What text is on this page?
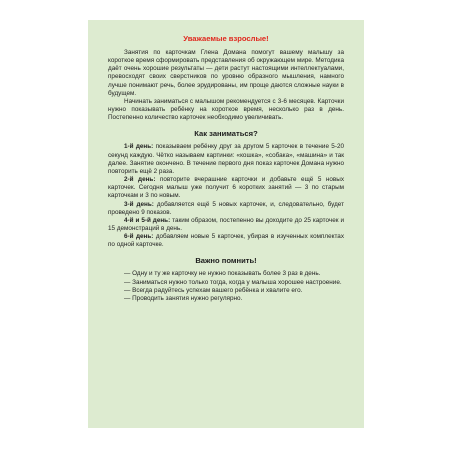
Уважаемые взрослые!

Занятия по карточкам Глена Домана помогут вашему малышу за короткое время сформировать представления об окружающем мире. Методика даёт очень хорошие результаты — дети растут настоящими интеллектуалами, превосходят своих сверстников по уровню образного мышления, намного лучше понимают речь, более эрудированы, им проще даются сложные науки в будущем.

Начинать заниматься с малышом рекомендуется с 3-6 месяцев. Карточки нужно показывать ребёнку на короткое время, несколько раз в день. Постепенно количество карточек необходимо увеличивать.

Как заниматься?

1-й день: показываем ребёнку друг за другом 5 карточек в течение 5-20 секунд каждую. Чётко называем картинки: «кошка», «собака», «машина» и так далее. Занятие окончено. В течение первого дня показ карточек Домана нужно повторить ещё 2 раза.

2-й день: повторите вчерашние карточки и добавьте ещё 5 новых карточек. Сегодня малыш уже получит 6 коротких занятий — 3 по старым карточкам и 3 по новым.

3-й день: добавляется ещё 5 новых карточек, и, следовательно, будет проведено 9 показов.

4-й и 5-й день: таким образом, постепенно вы доходите до 25 карточек и 15 демонстраций в день.

6-й день: добавляем новые 5 карточек, убирая в изученных комплектах по одной карточке.

Важно помнить!

— Одну и ту же карточку не нужно показывать более 3 раз в день.

— Заниматься нужно только тогда, когда у малыша хорошее настроение.

— Всегда радуйтесь успехам вашего ребёнка и хвалите его.

— Проводить занятия нужно регулярно.
